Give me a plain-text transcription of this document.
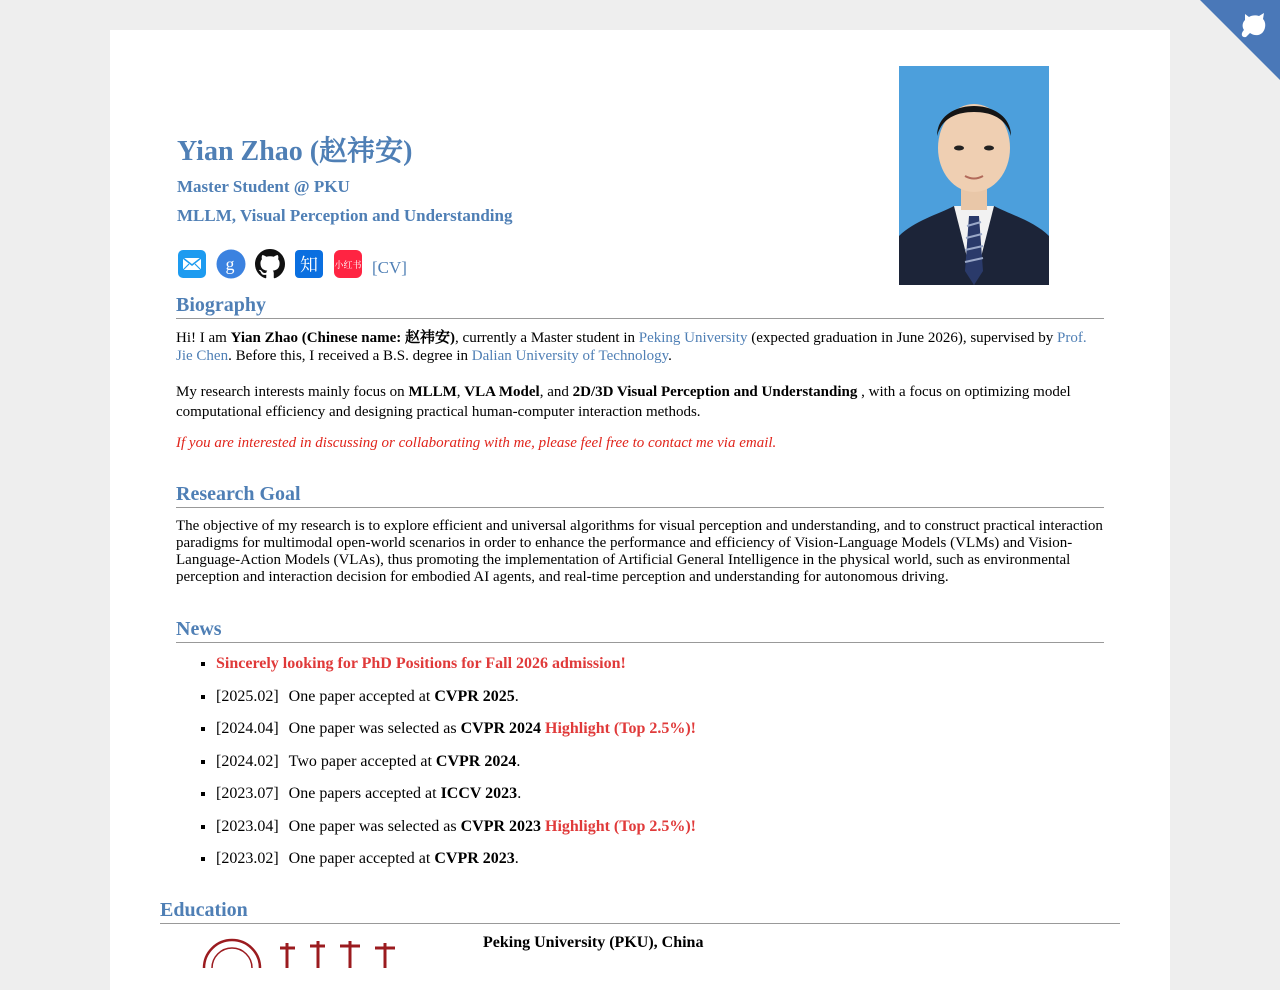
Yian Zhao (赵祎安)
Master Student @ PKU
MLLM, Visual Perception and Understanding
g	知 小红书 [CV]
Biography

Hi! I am Yian Zhao (Chinese name: 赵祎安), currently a Master student in Peking University (expected graduation in June 2026), supervised by Prof. Jie Chen. Before this, I received a B.S. degree in Dalian University of Technology.

My research interests mainly focus on MLLM, VLA Model, and 2D/3D Visual Perception and Understanding , with a focus on optimizing model computational efficiency and designing practical human-computer interaction methods.

If you are interested in discussing or collaborating with me, please feel free to contact me via email.

Research Goal

The objective of my research is to explore efficient and universal algorithms for visual perception and understanding, and to construct practical interaction paradigms for multimodal open-world scenarios in order to enhance the performance and efficiency of Vision-Language Models (VLMs) and Vision-Language-Action Models (VLAs), thus promoting the implementation of Artificial General Intelligence in the physical world, such as environmental perception and interaction decision for embodied AI agents, and real-time perception and understanding for autonomous driving.

News
▪ Sincerely looking for PhD Positions for Fall 2026 admission!
▪ [2025.02] One paper accepted at CVPR 2025.
▪ [2024.04] One paper was selected as CVPR 2024 Highlight (Top 2.5%)!
▪ [2024.02] Two paper accepted at CVPR 2024.
▪ [2023.07] One papers accepted at ICCV 2023.
▪ [2023.04] One paper was selected as CVPR 2023 Highlight (Top 2.5%)!
▪ [2023.02] One paper accepted at CVPR 2023.
Education
Peking University (PKU), China
